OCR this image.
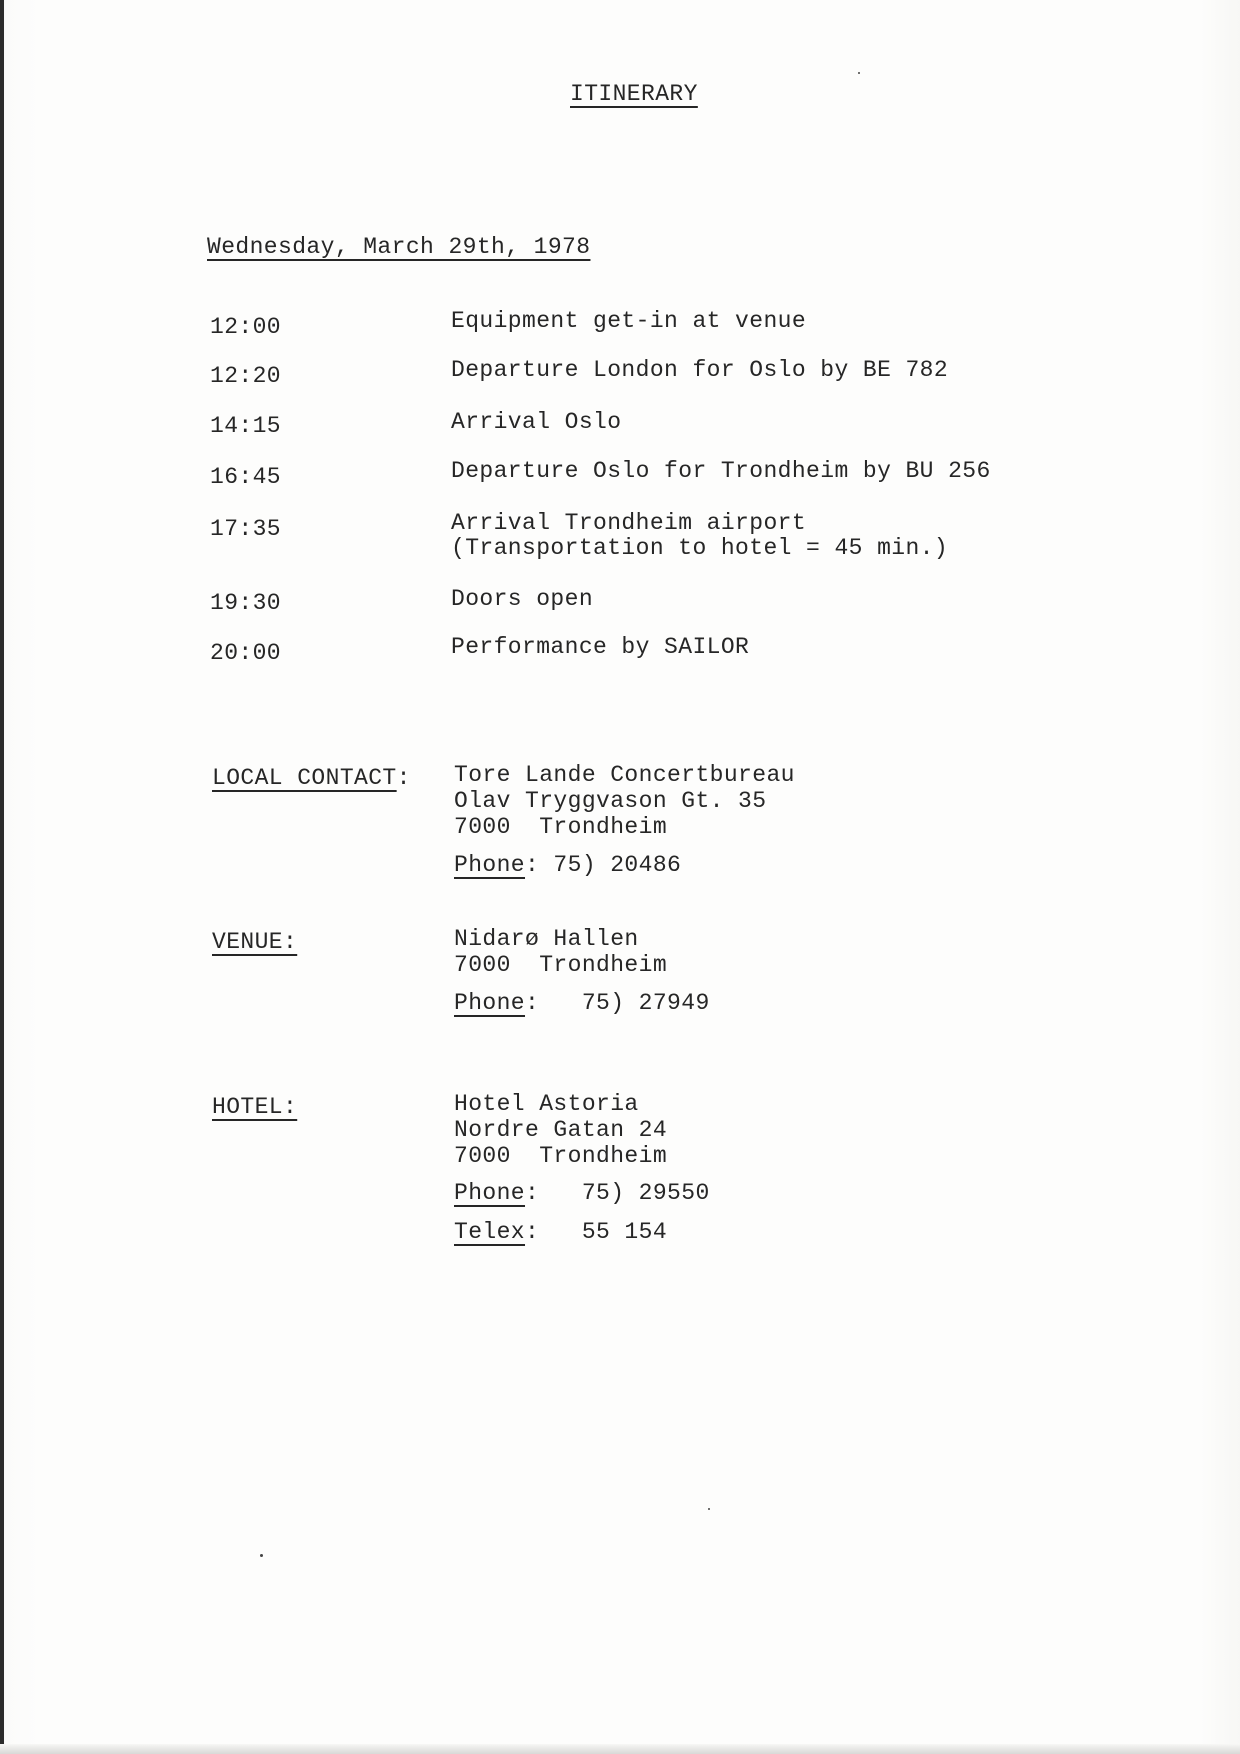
ITINERARY
Wednesday, March 29th, 1978
12:00	Equipment get-in at venue
12:20	Departure London for Oslo by BE 782
14:15	Arrival Oslo
16:45	Departure Oslo for Trondheim by BU 256
17:35	Arrival Trondheim airport
(Transportation to hotel = 45 min.)
19:30	Doors open
20:00	Performance by SAILOR
LOCAL CONTACT: Tore Lande Concertbureau
Olav Tryggvason Gt. 35
7000  Trondheim
Phone: 75) 20486
VENUE:	Nidarø Hallen
7000  Trondheim
Phone:   75) 27949
HOTEL:	Hotel Astoria
Nordre Gatan 24
7000  Trondheim
Phone:   75) 29550
Telex:   55 154
